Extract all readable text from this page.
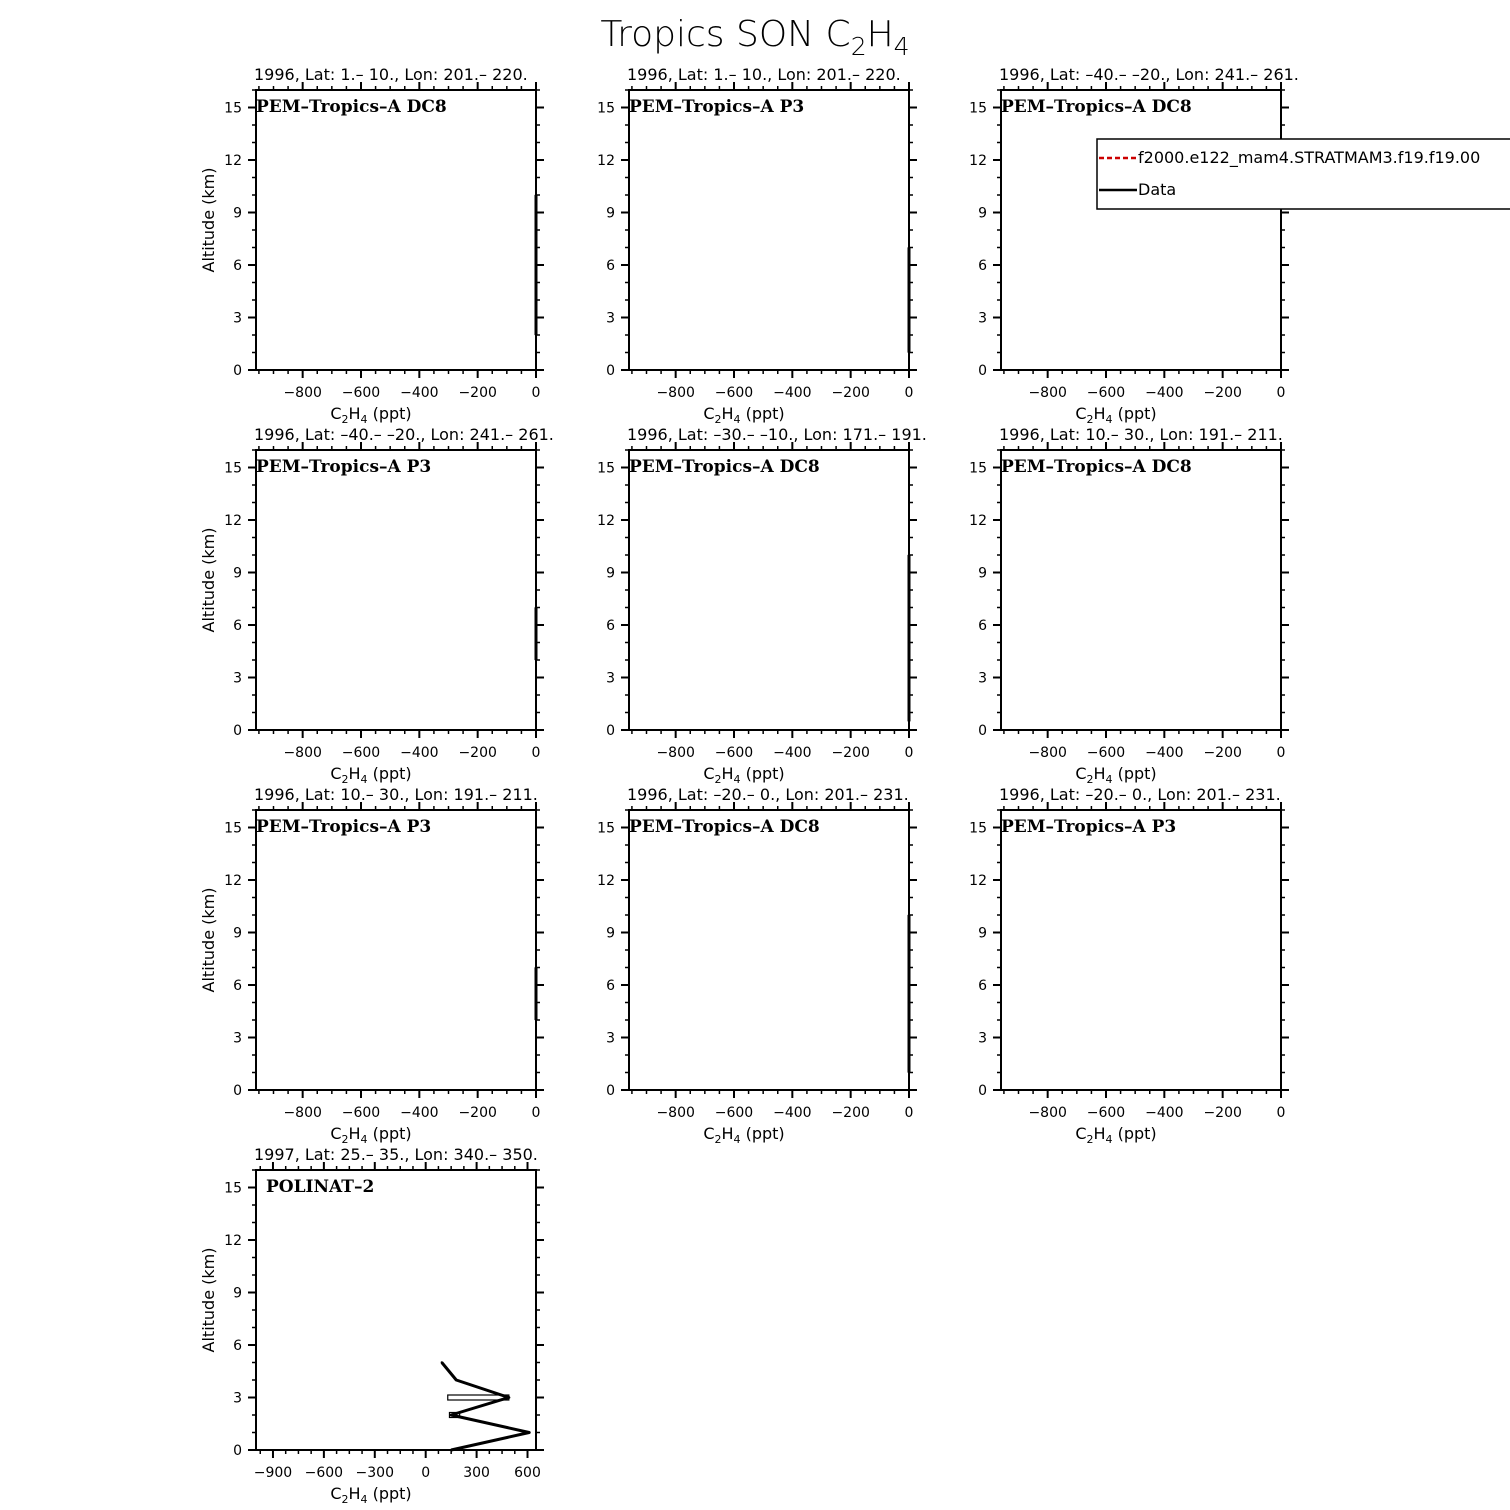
Tropics SON $C_2H_4$
1996, Lat: 1.– 10., Lon: 201.– 220.
0
3
6
9
12
15
−800 −600 −400 −200 0
$C_2H_4$ (ppt)
Altitude (km)
PEM–Tropics–A DC8
1996, Lat: 1.– 10., Lon: 201.– 220.
0
3
6
9
12
15
−800 −600 −400 −200 0
$C_2H_4$ (ppt)
PEM–Tropics–A P3
1996, Lat: –40.– –20., Lon: 241.– 261.
0
3
6
9
12
15
−800 −600 −400 −200 0
$C_2H_4$ (ppt)
PEM–Tropics–A DC8
1996, Lat: –40.– –20., Lon: 241.– 261.
0
3
6
9
12
15
−800 −600 −400 −200 0
$C_2H_4$ (ppt)
Altitude (km)
PEM–Tropics–A P3
1996, Lat: –30.– –10., Lon: 171.– 191.
0
3
6
9
12
15
−800 −600 −400 −200 0
$C_2H_4$ (ppt)
PEM–Tropics–A DC8
1996, Lat: 10.– 30., Lon: 191.– 211.
0
3
6
9
12
15
−800 −600 −400 −200 0
$C_2H_4$ (ppt)
PEM–Tropics–A DC8
1996, Lat: 10.– 30., Lon: 191.– 211.
0
3
6
9
12
15
−800 −600 −400 −200 0
$C_2H_4$ (ppt)
Altitude (km)
PEM–Tropics–A P3
1996, Lat: –20.– 0., Lon: 201.– 231.
0
3
6
9
12
15
−800 −600 −400 −200 0
$C_2H_4$ (ppt)
PEM–Tropics–A DC8
1996, Lat: –20.– 0., Lon: 201.– 231.
0
3
6
9
12
15
−800 −600 −400 −200 0
$C_2H_4$ (ppt)
PEM–Tropics–A P3
1997, Lat: 25.– 35., Lon: 340.– 350.
0
3
6
9
12
15
−900 −600 −300 0 300 600
$C_2H_4$ (ppt)
Altitude (km)
POLINAT–2
f2000.e122_mam4.STRATMAM3.f19.f19.00
Data
